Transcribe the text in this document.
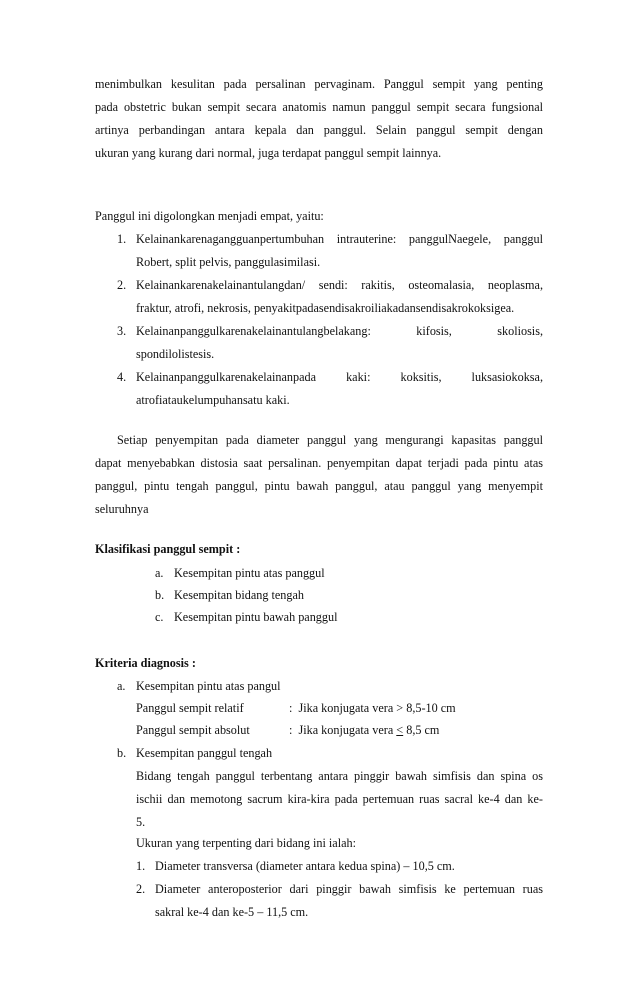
menimbulkan kesulitan pada persalinan pervaginam. Panggul sempit yang penting
pada obstetric bukan sempit secara anatomis namun panggul sempit secara fungsional
artinya perbandingan antara kepala dan panggul. Selain panggul sempit dengan
ukuran yang kurang dari normal, juga terdapat panggul sempit lainnya.
Panggul ini digolongkan menjadi empat, yaitu:
1. Kelainankarenagangguanpertumbuhan intrauterine: panggulNaegele, panggul
Robert, split pelvis, panggulasimilasi.
2. Kelainankarenakelainantulangdan/ sendi: rakitis, osteomalasia, neoplasma,
fraktur, atrofi, nekrosis, penyakitpadasendisakroiliakadansendisakrokoksigea.
3. Kelainanpanggulkarenakelainantulangbelakang:        kifosis,        skoliosis,
spondilolistesis.
4. Kelainanpanggulkarenakelainanpada        kaki:        koksitis,        luksasiokoksa,
atrofiataukelumpuhansatu kaki.
Setiap penyempitan pada diameter panggul yang mengurangi kapasitas panggul
dapat menyebabkan distosia saat persalinan. penyempitan dapat terjadi pada pintu atas
panggul, pintu tengah panggul, pintu bawah panggul, atau panggul yang menyempit
seluruhnya
Klasifikasi panggul sempit :
a. Kesempitan pintu atas panggul
b. Kesempitan bidang tengah
c. Kesempitan pintu bawah panggul
Kriteria diagnosis :
a. Kesempitan pintu atas pangul
Panggul sempit relatif	:  Jika konjugata vera > 8,5-10 cm
Panggul sempit absolut	:  Jika konjugata vera < 8,5 cm
b. Kesempitan panggul tengah
Bidang tengah panggul terbentang antara pinggir bawah simfisis dan spina os
ischii dan memotong sacrum kira-kira pada pertemuan ruas sacral ke-4 dan ke-
5.
Ukuran yang terpenting dari bidang ini ialah:
1. Diameter transversa (diameter antara kedua spina) – 10,5 cm.
2. Diameter anteroposterior dari pinggir bawah simfisis ke pertemuan ruas
sakral ke-4 dan ke-5 – 11,5 cm.
